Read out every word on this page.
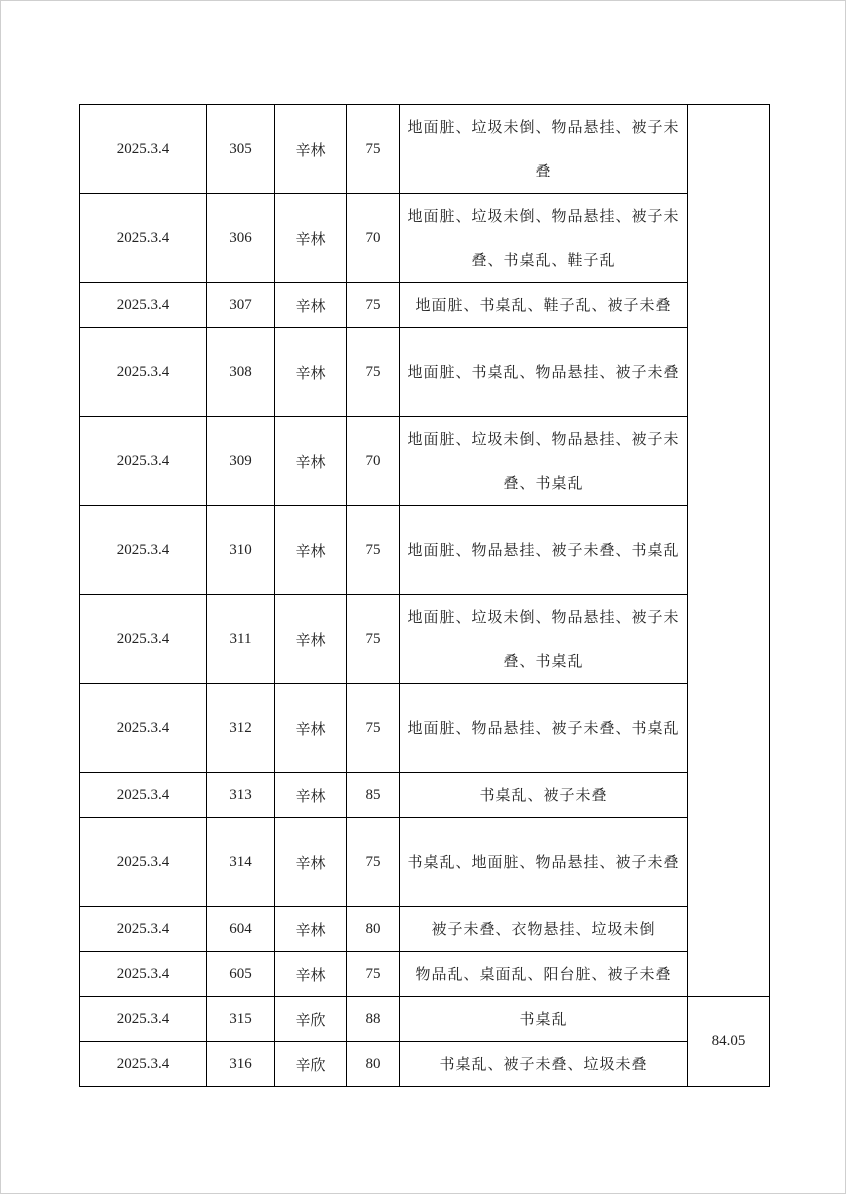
2025.3.4	305	辛林	75	地面脏、垃圾未倒、物品悬挂、被子未叠	
2025.3.4	306	辛林	70	地面脏、垃圾未倒、物品悬挂、被子未叠、书桌乱、鞋子乱	
2025.3.4	307	辛林	75	地面脏、书桌乱、鞋子乱、被子未叠	
2025.3.4	308	辛林	75	地面脏、书桌乱、物品悬挂、被子未叠	
2025.3.4	309	辛林	70	地面脏、垃圾未倒、物品悬挂、被子未叠、书桌乱	
2025.3.4	310	辛林	75	地面脏、物品悬挂、被子未叠、书桌乱	
2025.3.4	311	辛林	75	地面脏、垃圾未倒、物品悬挂、被子未叠、书桌乱	
2025.3.4	312	辛林	75	地面脏、物品悬挂、被子未叠、书桌乱	
2025.3.4	313	辛林	85	书桌乱、被子未叠	
2025.3.4	314	辛林	75	书桌乱、地面脏、物品悬挂、被子未叠	
2025.3.4	604	辛林	80	被子未叠、衣物悬挂、垃圾未倒	
2025.3.4	605	辛林	75	物品乱、桌面乱、阳台脏、被子未叠	
2025.3.4	315	辛欣	88	书桌乱	84.05
2025.3.4	316	辛欣	80	书桌乱、被子未叠、垃圾未叠	
